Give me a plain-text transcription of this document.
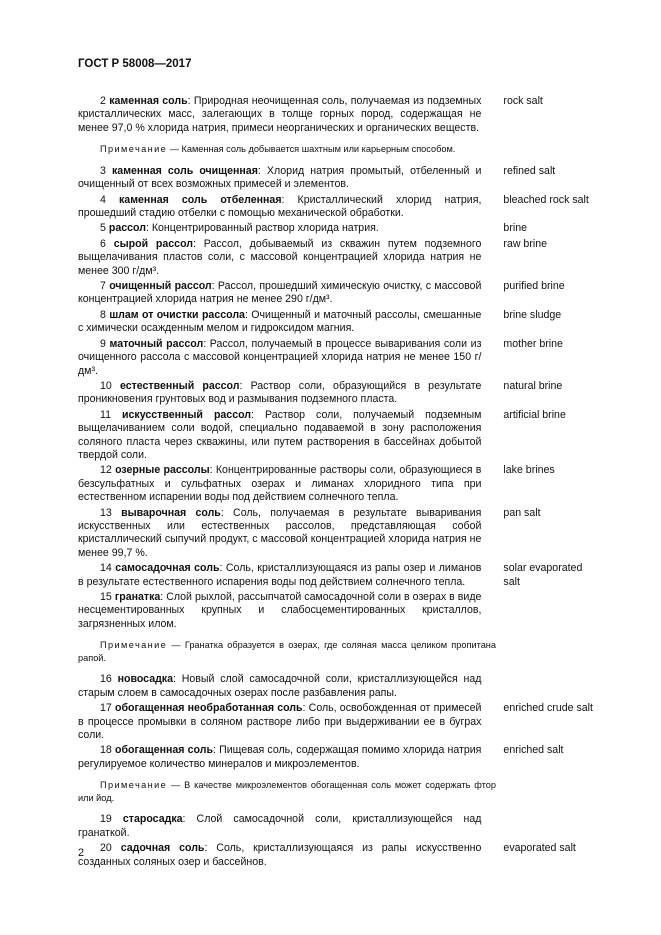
ГОСТ Р 58008—2017
2 каменная соль: Природная неочищенная соль, получаемая из подземных кристаллических масс, залегающих в толще горных пород, содержащая не менее 97,0 % хлорида натрия, примеси неорганических и органических веществ.
rock salt
Примечание — Каменная соль добывается шахтным или карьерным способом.
3 каменная соль очищенная: Хлорид натрия промытый, отбеленный и очищенный от всех возможных примесей и элементов.
refined salt
4 каменная соль отбеленная: Кристаллический хлорид натрия, прошедший стадию отбелки с помощью механической обработки.
bleached rock salt
5 рассол: Концентрированный раствор хлорида натрия.	brine
6 сырой рассол: Рассол, добываемый из скважин путем подземного выщелачивания пластов соли, с массовой концентрацией хлорида натрия не менее 300 г/дм³.
raw brine
7 очищенный рассол: Рассол, прошедший химическую очистку, с массовой концентрацией хлорида натрия не менее 290 г/дм³.
purified brine
8 шлам от очистки рассола: Очищенный и маточный рассолы, смешанные с химически осажденным мелом и гидроксидом магния.
brine sludge
9 маточный рассол: Рассол, получаемый в процессе вываривания соли из очищенного рассола с массовой концентрацией хлорида натрия не менее 150 г/дм³.
mother brine
10 естественный рассол: Раствор соли, образующийся в результате проникновения грунтовых вод и размывания подземного пласта.
natural brine
11 искусственный рассол: Раствор соли, получаемый подземным выщелачиванием соли водой, специально подаваемой в зону расположения соляного пласта через скважины, или путем растворения в бассейнах добытой твердой соли.
artificial brine
12 озерные рассолы: Концентрированные растворы соли, образующиеся в безсульфатных и сульфатных озерах и лиманах хлоридного типа при естественном испарении воды под действием солнечного тепла.
lake brines
13 выварочная соль: Соль, получаемая в результате вываривания искусственных или естественных рассолов, представляющая собой кристаллический сыпучий продукт, с массовой концентрацией хлорида натрия не менее 99,7 %.
pan salt
14 самосадочная соль: Соль, кристаллизующаяся из рапы озер и лиманов в результате естественного испарения воды под действием солнечного тепла.
solar evaporated salt
15 гранатка: Слой рыхлой, рассыпчатой самосадочной соли в озерах в виде несцементированных крупных и слабосцементированных кристаллов, загрязненных илом.
Примечание — Гранатка образуется в озерах, где соляная масса целиком пропитана рапой.
16 новосадка: Новый слой самосадочной соли, кристаллизующейся над старым слоем в самосадочных озерах после разбавления рапы.
17 обогащенная необработанная соль: Соль, освобожденная от примесей в процессе промывки в соляном растворе либо при выдерживании ее в буграх соли.
enriched crude salt
18 обогащенная соль: Пищевая соль, содержащая помимо хлорида натрия регулируемое количество минералов и микроэлементов.
enriched salt
Примечание — В качестве микроэлементов обогащенная соль может содержать фтор или йод.
19 старосадка: Слой самосадочной соли, кристаллизующейся над гранаткой.
20 садочная соль: Соль, кристаллизующаяся из рапы искусственно созданных соляных озер и бассейнов.
evaporated salt
2
